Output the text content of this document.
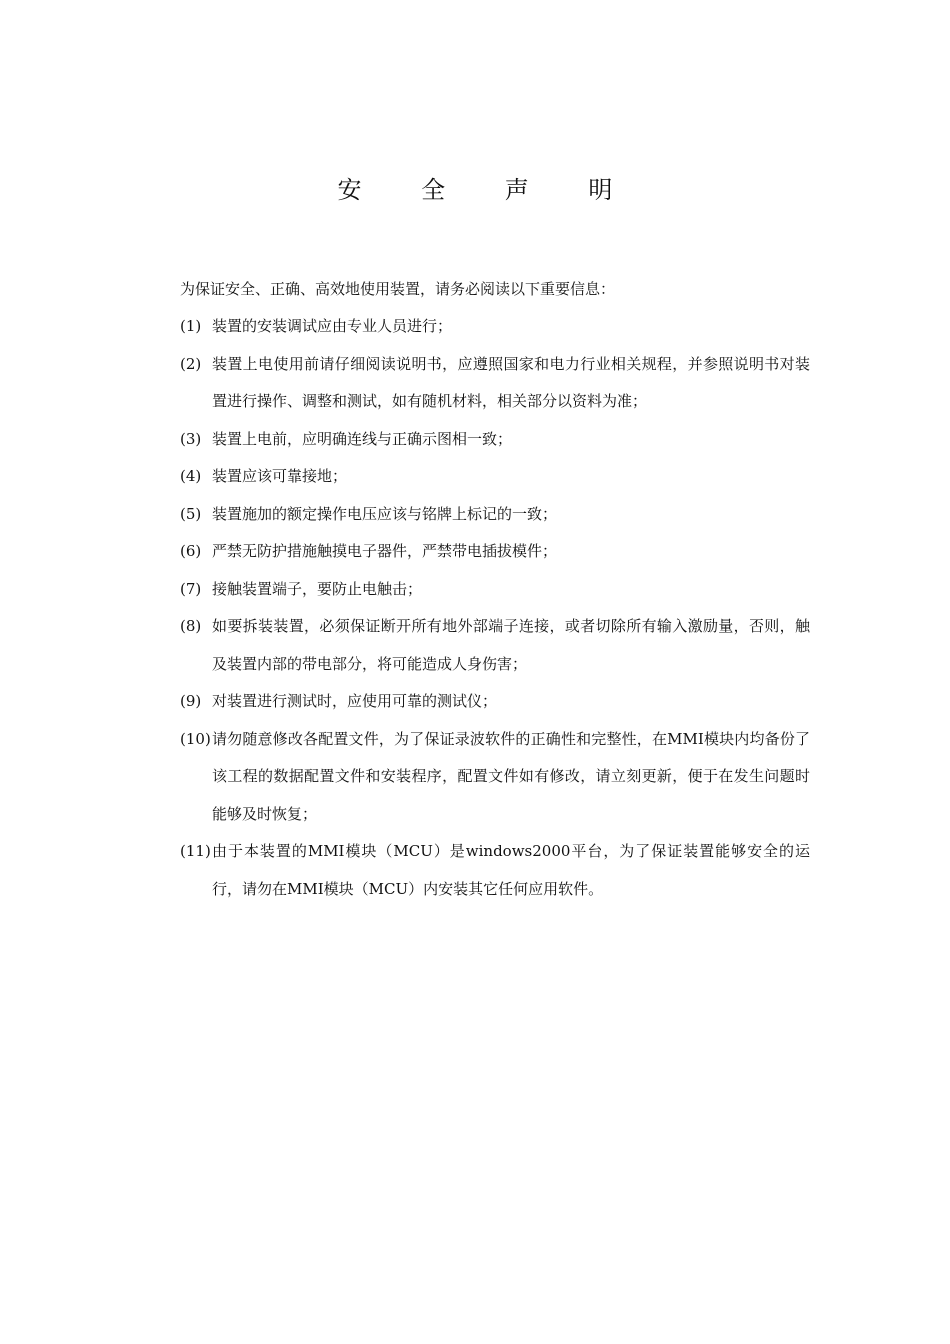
安 全 声 明

为保证安全、正确、高效地使用装置，请务必阅读以下重要信息：

(1) 装置的安装调试应由专业人员进行；
(2) 装置上电使用前请仔细阅读说明书，应遵照国家和电力行业相关规程，并参照说明书对装置进行操作、调整和测试，如有随机材料，相关部分以资料为准；
(3) 装置上电前，应明确连线与正确示图相一致；
(4) 装置应该可靠接地；
(5) 装置施加的额定操作电压应该与铭牌上标记的一致；
(6) 严禁无防护措施触摸电子器件，严禁带电插拔模件；
(7) 接触装置端子，要防止电触击；
(8) 如要拆装装置，必须保证断开所有地外部端子连接，或者切除所有输入激励量，否则，触及装置内部的带电部分，将可能造成人身伤害；
(9) 对装置进行测试时，应使用可靠的测试仪；
(10) 请勿随意修改各配置文件，为了保证录波软件的正确性和完整性，在MMI模块内均备份了该工程的数据配置文件和安装程序，配置文件如有修改，请立刻更新，便于在发生问题时能够及时恢复；
(11) 由于本装置的MMI模块（MCU）是windows2000平台，为了保证装置能够安全的运行，请勿在MMI模块（MCU）内安装其它任何应用软件。
